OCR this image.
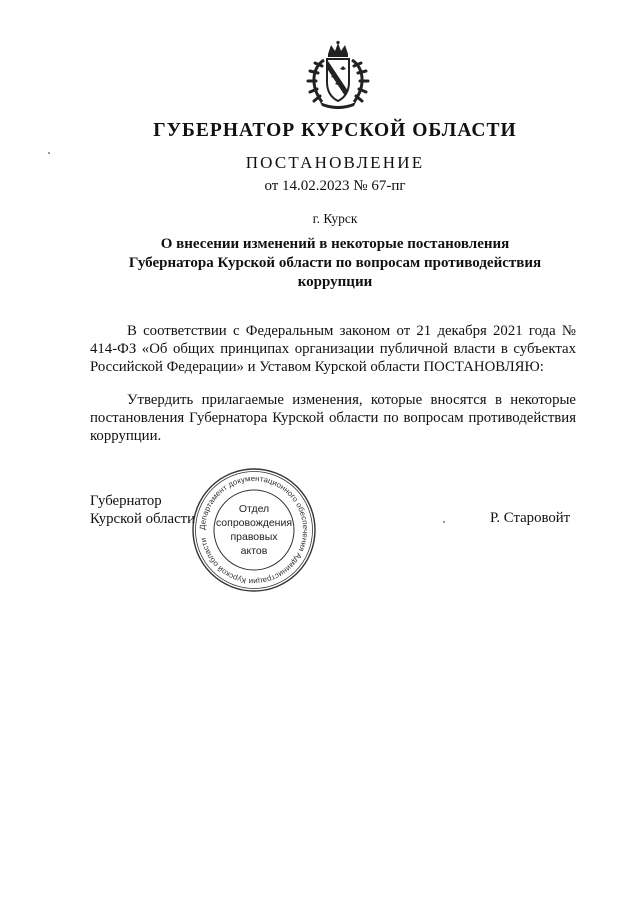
ГУБЕРНАТОР КУРСКОЙ ОБЛАСТИ
ПОСТАНОВЛЕНИЕ
от 14.02.2023 № 67-пг
г. Курск
О внесении изменений в некоторые постановления
Губернатора Курской области по вопросам противодействия
коррупции
В соответствии с Федеральным законом от 21 декабря 2021 года № 414-ФЗ «Об общих принципах организации публичной власти в субъектах Российской Федерации» и Уставом Курской области ПОСТАНОВЛЯЮ:
Утвердить прилагаемые изменения, которые вносятся в некоторые постановления Губернатора Курской области по вопросам противодействия коррупции.
Губернатор
Курской области	Р. Старовойт
Департамент документационного обеспечения Администрации Курской области
Отдел
сопровождения
правовых
актов
